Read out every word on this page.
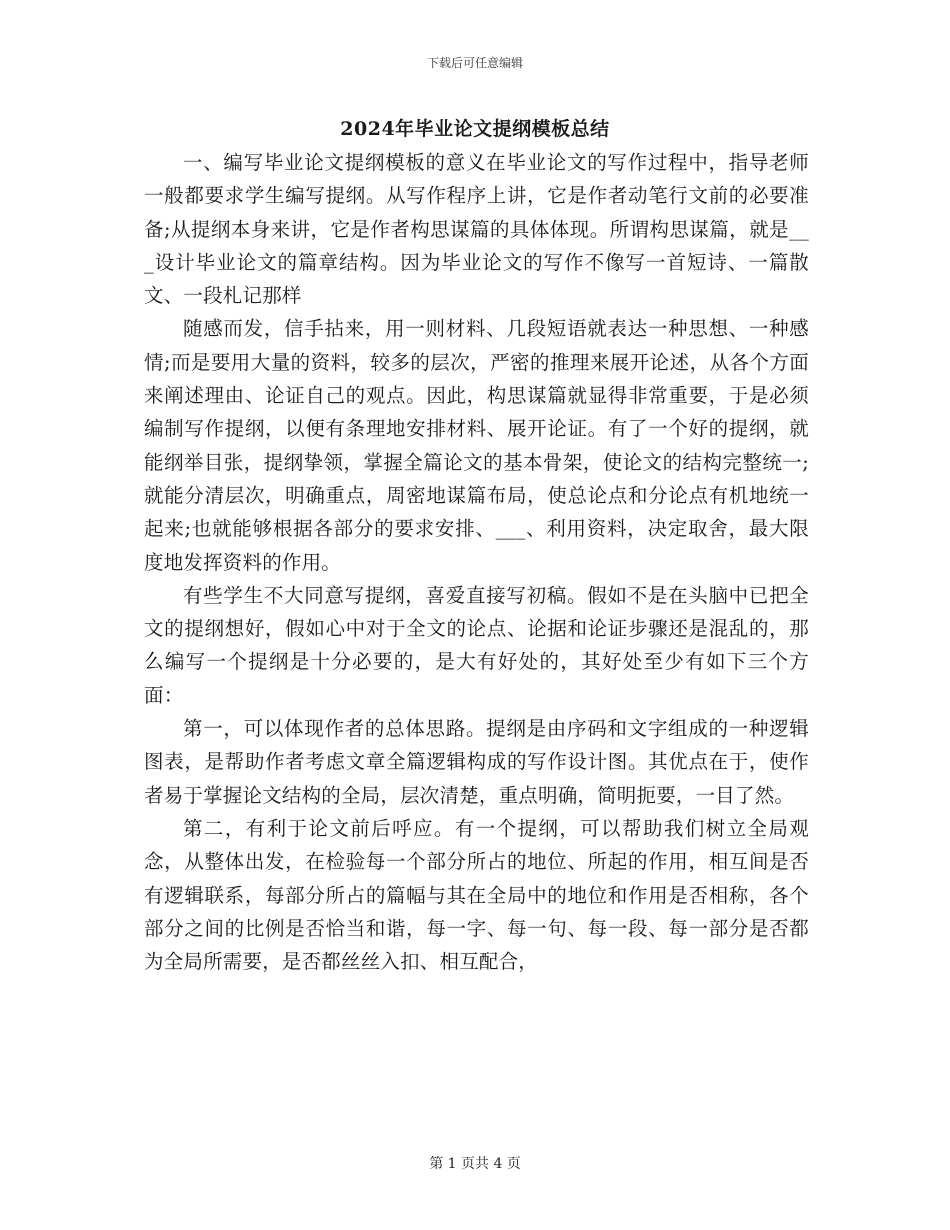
下载后可任意编辑
2024年毕业论文提纲模板总结

一、编写毕业论文提纲模板的意义在毕业论文的写作过程中，指导老师一般都要求学生编写提纲。从写作程序上讲，它是作者动笔行文前的必要准备;从提纲本身来讲，它是作者构思谋篇的具体体现。所谓构思谋篇，就是___设计毕业论文的篇章结构。因为毕业论文的写作不像写一首短诗、一篇散文、一段札记那样

随感而发，信手拈来，用一则材料、几段短语就表达一种思想、一种感情;而是要用大量的资料，较多的层次，严密的推理来展开论述，从各个方面来阐述理由、论证自己的观点。因此，构思谋篇就显得非常重要，于是必须编制写作提纲，以便有条理地安排材料、展开论证。有了一个好的提纲，就能纲举目张，提纲挚领，掌握全篇论文的基本骨架，使论文的结构完整统一;就能分清层次，明确重点，周密地谋篇布局，使总论点和分论点有机地统一起来;也就能够根据各部分的要求安排、___、利用资料，决定取舍，最大限度地发挥资料的作用。

有些学生不大同意写提纲，喜爱直接写初稿。假如不是在头脑中已把全文的提纲想好，假如心中对于全文的论点、论据和论证步骤还是混乱的，那么编写一个提纲是十分必要的，是大有好处的，其好处至少有如下三个方面：

第一，可以体现作者的总体思路。提纲是由序码和文字组成的一种逻辑图表，是帮助作者考虑文章全篇逻辑构成的写作设计图。其优点在于，使作者易于掌握论文结构的全局，层次清楚，重点明确，简明扼要，一目了然。

第二，有利于论文前后呼应。有一个提纲，可以帮助我们树立全局观念，从整体出发，在检验每一个部分所占的地位、所起的作用，相互间是否有逻辑联系，每部分所占的篇幅与其在全局中的地位和作用是否相称，各个部分之间的比例是否恰当和谐，每一字、每一句、每一段、每一部分是否都为全局所需要，是否都丝丝入扣、相互配合，

第 1 页共 4 页
